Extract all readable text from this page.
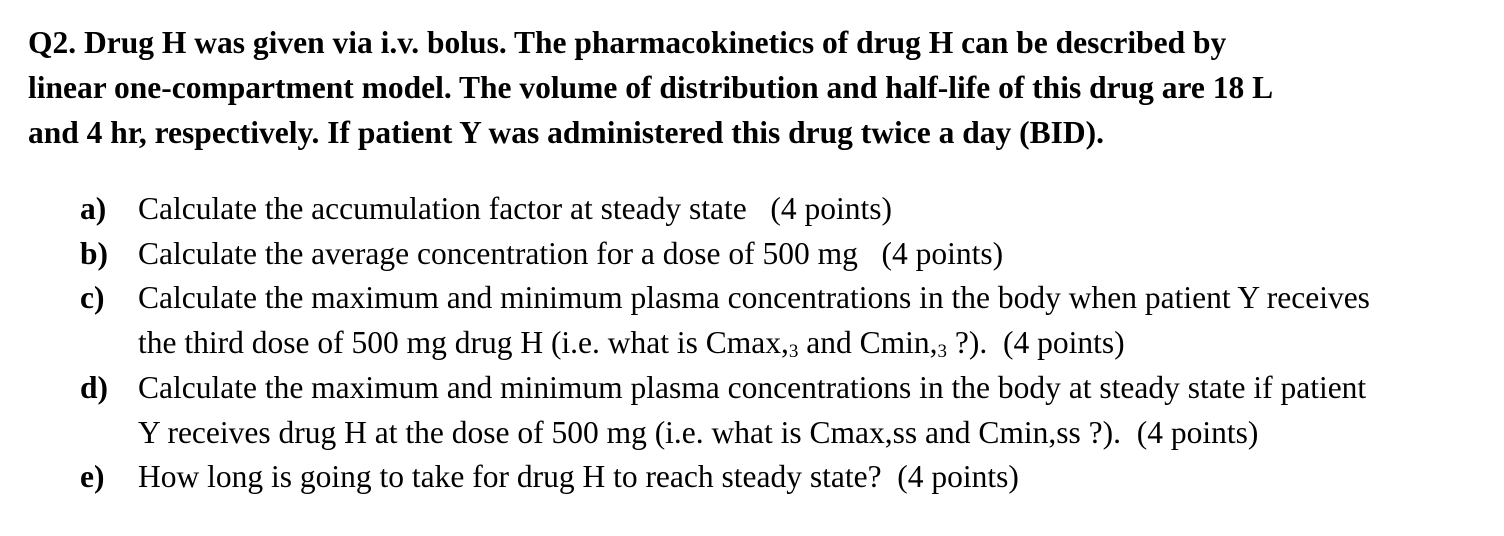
Q2. Drug H was given via i.v. bolus. The pharmacokinetics of drug H can be described by
linear one-compartment model. The volume of distribution and half-life of this drug are 18 L
and 4 hr, respectively. If patient Y was administered this drug twice a day (BID).
a) Calculate the accumulation factor at steady state   (4 points)
b) Calculate the average concentration for a dose of 500 mg   (4 points)
c) Calculate the maximum and minimum plasma concentrations in the body when patient Y receives
the third dose of 500 mg drug H (i.e. what is $Cmax,_3$ and $Cmin,_3$ ?).  (4 points)
d) Calculate the maximum and minimum plasma concentrations in the body at steady state if patient
Y receives drug H at the dose of 500 mg (i.e. what is Cmax,ss and Cmin,ss ?).  (4 points)
e) How long is going to take for drug H to reach steady state?  (4 points)
